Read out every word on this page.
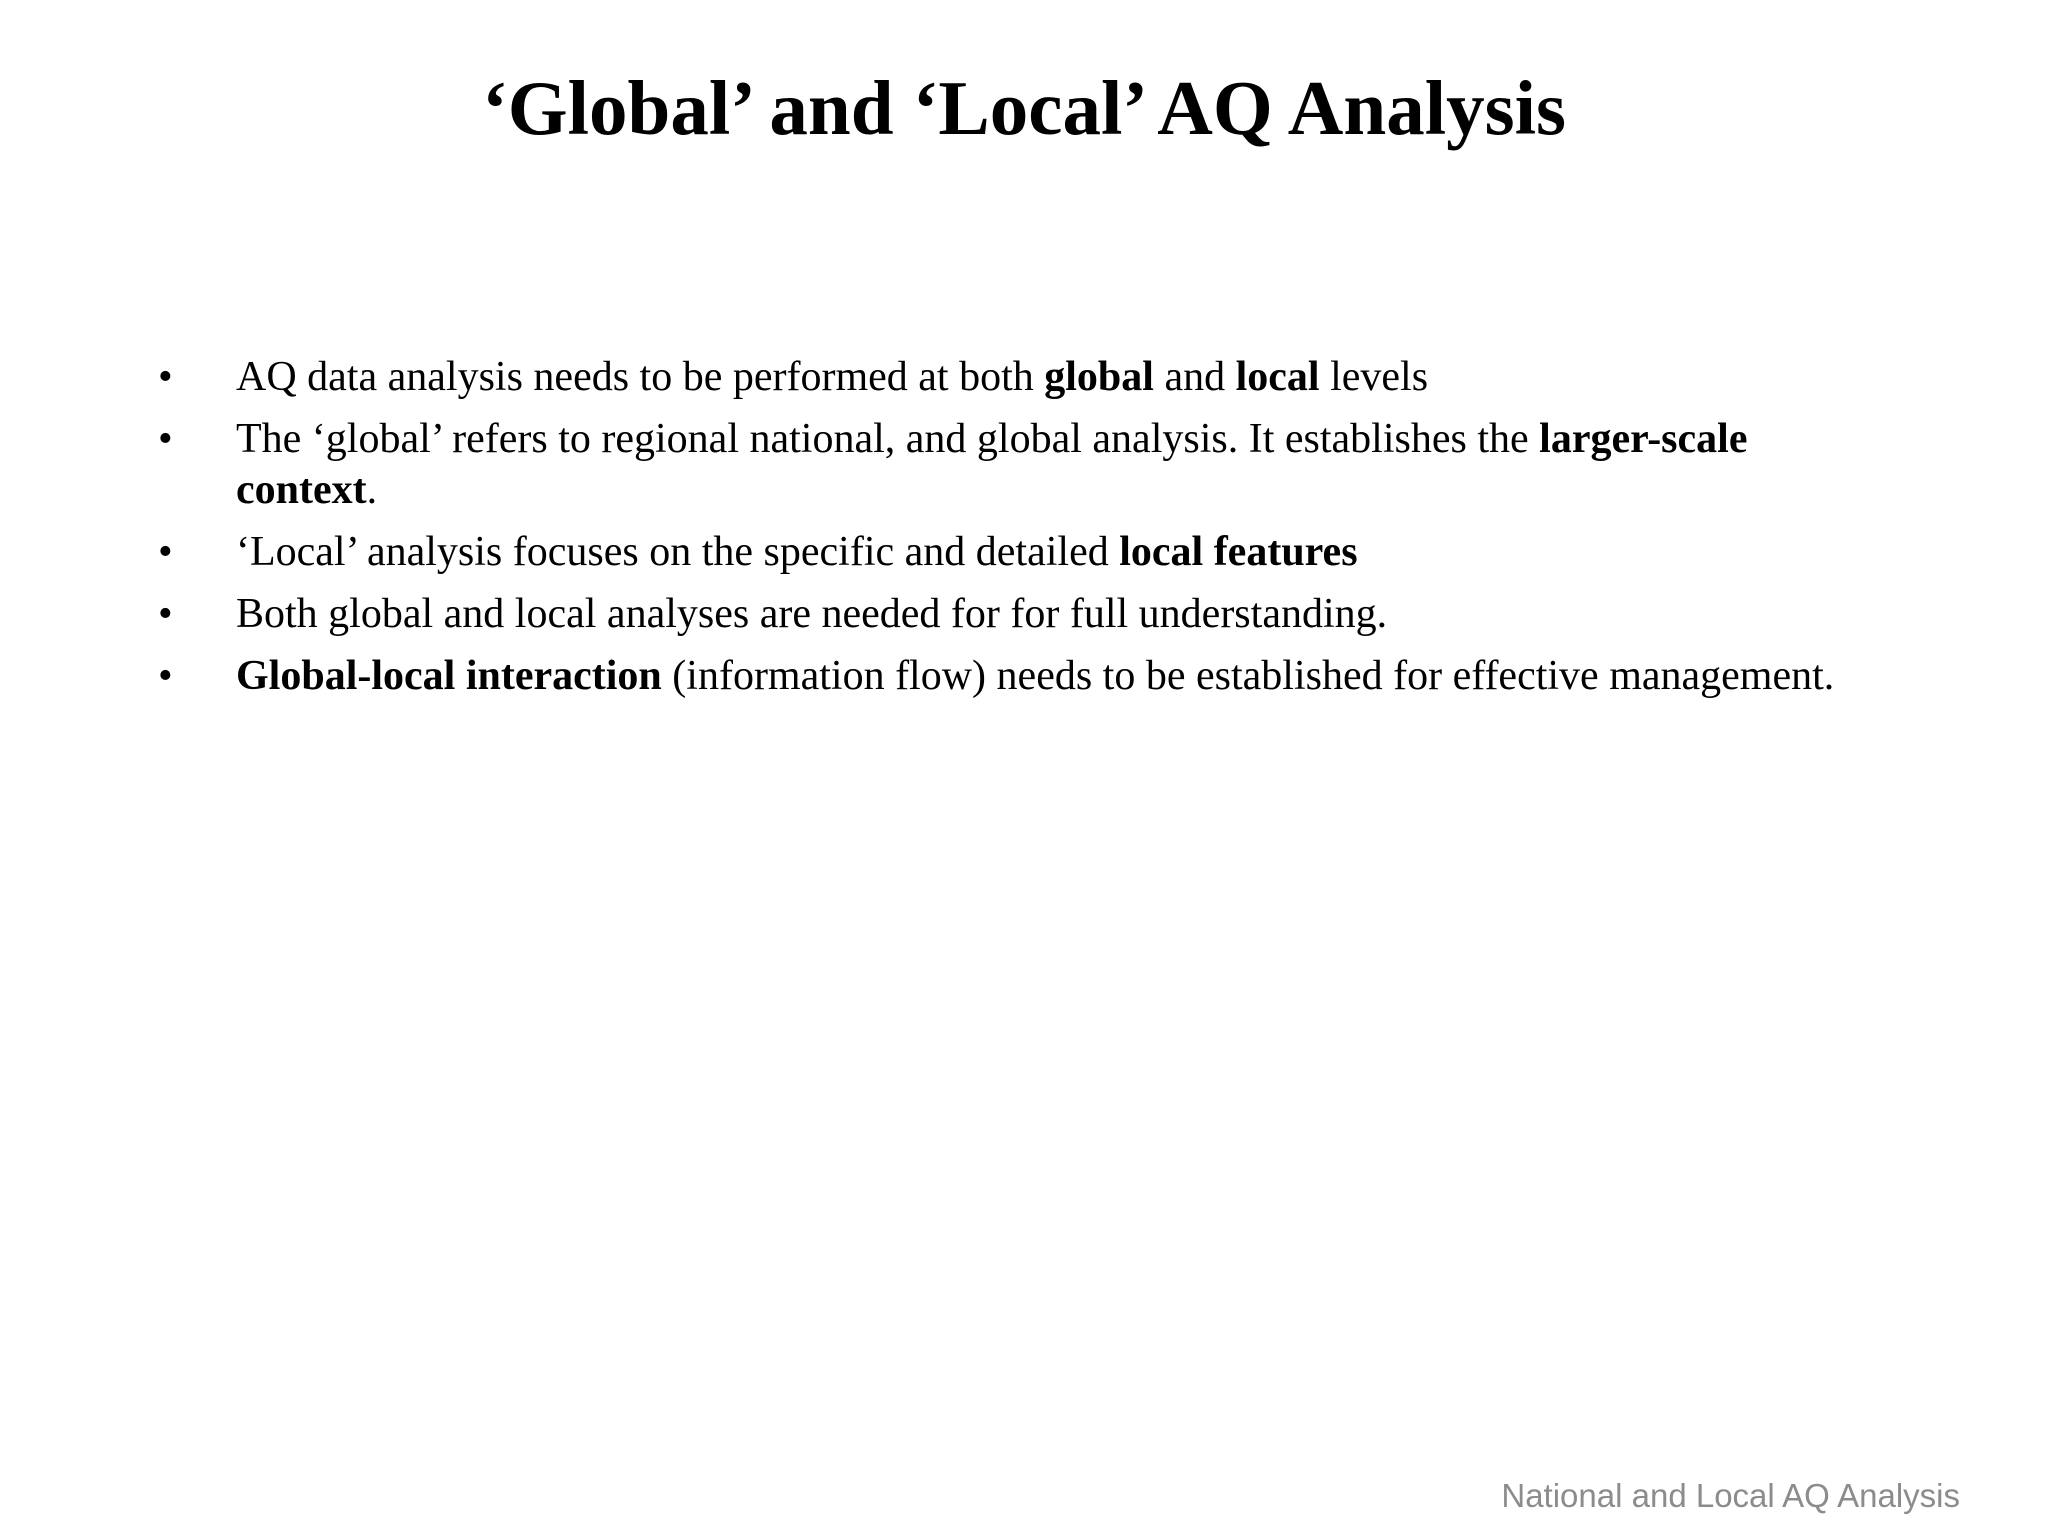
‘Global’ and ‘Local’ AQ Analysis
•	AQ data analysis needs to be performed at both global and local levels
•	The ‘global’ refers to regional national, and global analysis. It establishes the larger-scale context.
•	‘Local’ analysis focuses on the specific and detailed local features
•	Both global and local analyses are needed for for full understanding.
•	Global-local interaction (information flow) needs to be established for effective management.
National and Local AQ Analysis
